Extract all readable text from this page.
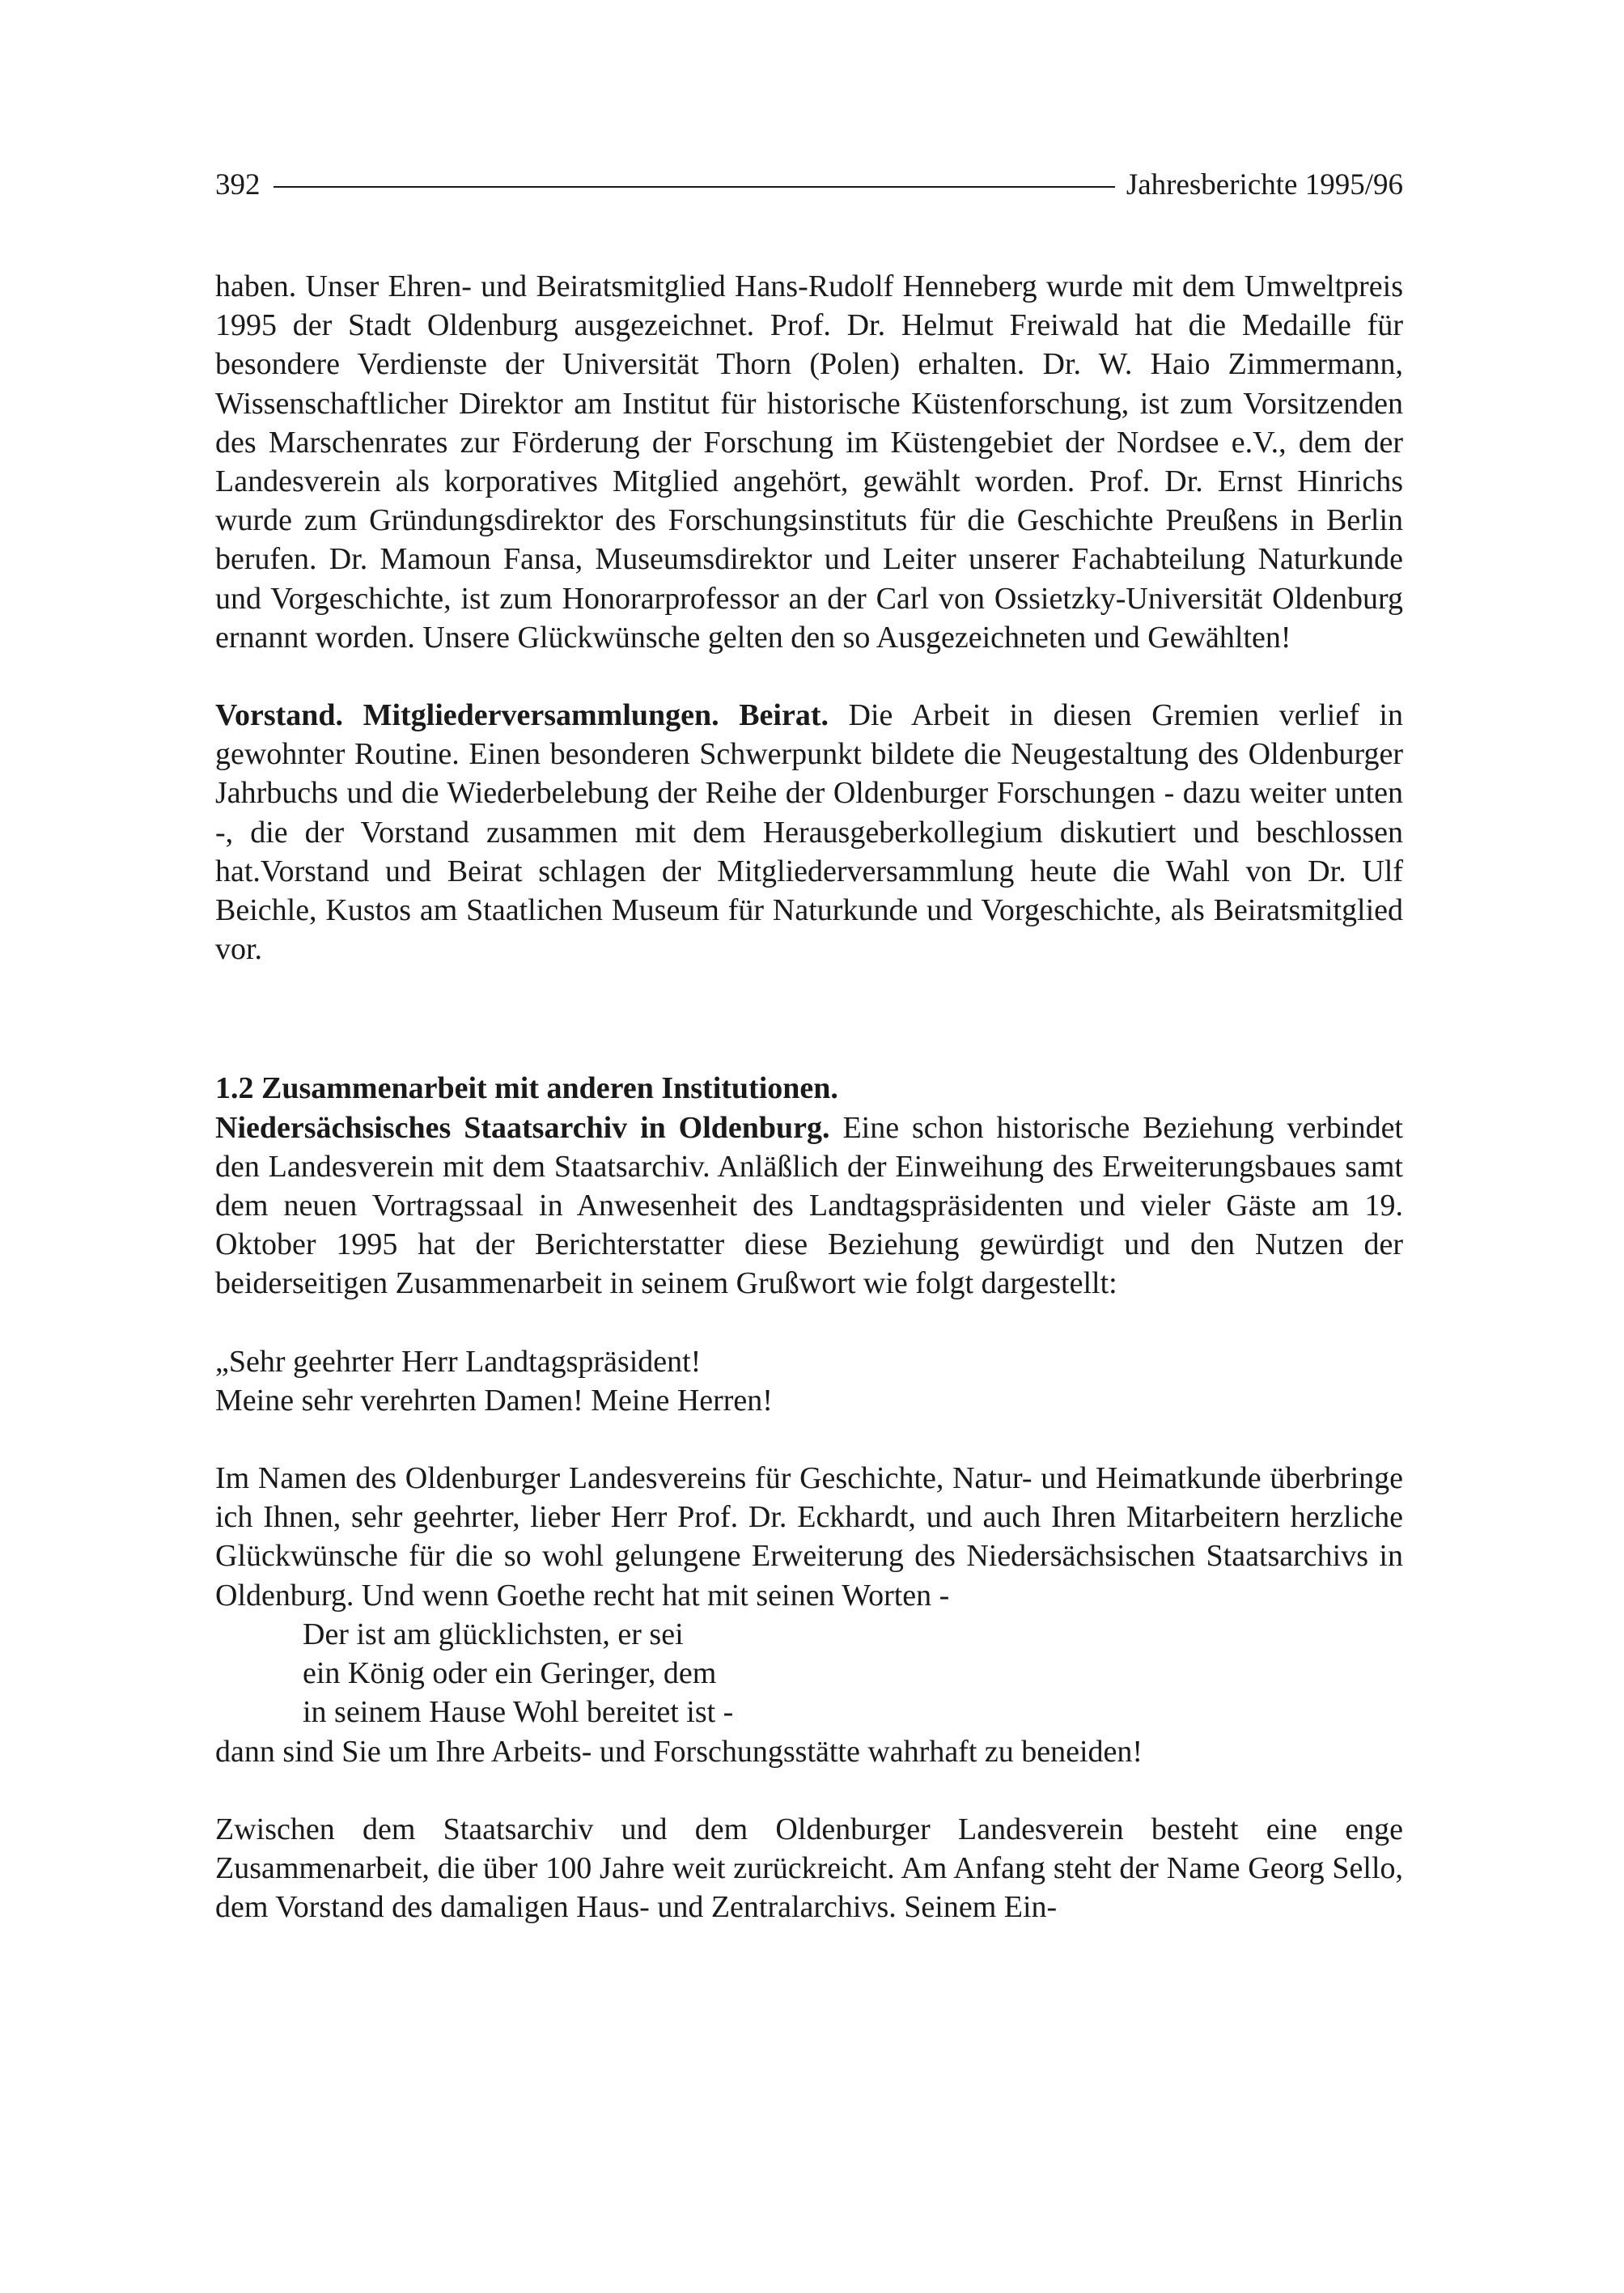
392	Jahresberichte 1995/96

haben. Unser Ehren- und Beiratsmitglied Hans-Rudolf Henneberg wurde mit dem Umweltpreis 1995 der Stadt Oldenburg ausgezeichnet. Prof. Dr. Helmut Freiwald hat die Medaille für besondere Verdienste der Universität Thorn (Polen) erhalten. Dr. W. Haio Zimmermann, Wissenschaftlicher Direktor am Institut für historische Küstenforschung, ist zum Vorsitzenden des Marschenrates zur Förderung der Forschung im Küstengebiet der Nordsee e.V., dem der Landesverein als korporatives Mitglied angehört, gewählt worden. Prof. Dr. Ernst Hinrichs wurde zum Gründungsdirektor des Forschungsinstituts für die Geschichte Preußens in Berlin berufen. Dr. Mamoun Fansa, Museumsdirektor und Leiter unserer Fachabteilung Naturkunde und Vorgeschichte, ist zum Honorarprofessor an der Carl von Ossietzky-Universität Oldenburg ernannt worden. Unsere Glückwünsche gelten den so Ausgezeichneten und Gewählten!

Vorstand. Mitgliederversammlungen. Beirat. Die Arbeit in diesen Gremien verlief in gewohnter Routine. Einen besonderen Schwerpunkt bildete die Neugestaltung des Oldenburger Jahrbuchs und die Wiederbelebung der Reihe der Oldenburger Forschungen - dazu weiter unten -, die der Vorstand zusammen mit dem Herausgeberkollegium diskutiert und beschlossen hat.Vorstand und Beirat schlagen der Mitgliederversammlung heute die Wahl von Dr. Ulf Beichle, Kustos am Staatlichen Museum für Naturkunde und Vorgeschichte, als Beiratsmitglied vor.

1.2 Zusammenarbeit mit anderen Institutionen.

Niedersächsisches Staatsarchiv in Oldenburg. Eine schon historische Beziehung verbindet den Landesverein mit dem Staatsarchiv. Anläßlich der Einweihung des Erweiterungsbaues samt dem neuen Vortragssaal in Anwesenheit des Landtagspräsidenten und vieler Gäste am 19. Oktober 1995 hat der Berichterstatter diese Beziehung gewürdigt und den Nutzen der beiderseitigen Zusammenarbeit in seinem Grußwort wie folgt dargestellt:

„Sehr geehrter Herr Landtagspräsident!
Meine sehr verehrten Damen! Meine Herren!

Im Namen des Oldenburger Landesvereins für Geschichte, Natur- und Heimatkunde überbringe ich Ihnen, sehr geehrter, lieber Herr Prof. Dr. Eckhardt, und auch Ihren Mitarbeitern herzliche Glückwünsche für die so wohl gelungene Erweiterung des Niedersächsischen Staatsarchivs in Oldenburg. Und wenn Goethe recht hat mit seinen Worten -
Der ist am glücklichsten, er sei
ein König oder ein Geringer, dem
in seinem Hause Wohl bereitet ist -
dann sind Sie um Ihre Arbeits- und Forschungsstätte wahrhaft zu beneiden!

Zwischen dem Staatsarchiv und dem Oldenburger Landesverein besteht eine enge Zusammenarbeit, die über 100 Jahre weit zurückreicht. Am Anfang steht der Name Georg Sello, dem Vorstand des damaligen Haus- und Zentralarchivs. Seinem Ein-
